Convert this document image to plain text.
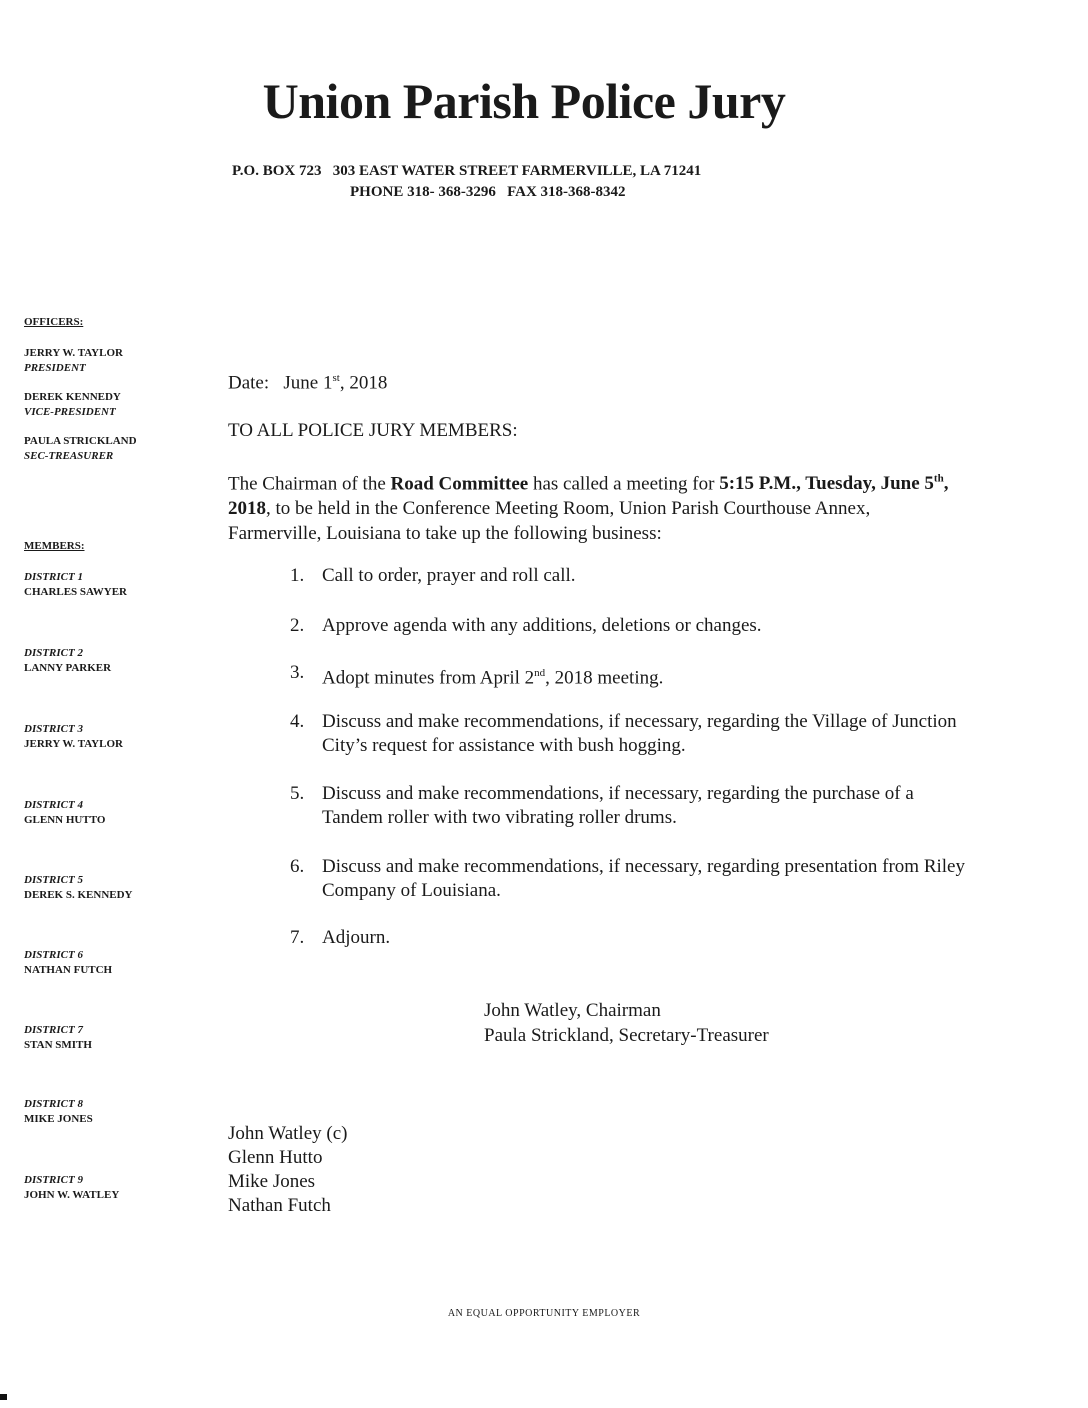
Union Parish Police Jury
P.O. BOX 723   303 EAST WATER STREET FARMERVILLE, LA 71241
PHONE 318- 368-3296   FAX 318-368-8342
OFFICERS:
JERRY W. TAYLOR
PRESIDENT
DEREK KENNEDY
VICE-PRESIDENT
PAULA STRICKLAND
SEC-TREASURER
MEMBERS:
DISTRICT 1
CHARLES SAWYER
DISTRICT 2
LANNY PARKER
DISTRICT 3
JERRY W. TAYLOR
DISTRICT 4
GLENN HUTTO
DISTRICT 5
DEREK S. KENNEDY
DISTRICT 6
NATHAN FUTCH
DISTRICT 7
STAN SMITH
DISTRICT 8
MIKE JONES
DISTRICT 9
JOHN W. WATLEY
Date: June 1st, 2018
TO ALL POLICE JURY MEMBERS:
The Chairman of the Road Committee has called a meeting for 5:15 P.M., Tuesday, June 5th, 2018, to be held in the Conference Meeting Room, Union Parish Courthouse Annex, Farmerville, Louisiana to take up the following business:
1. Call to order, prayer and roll call.
2. Approve agenda with any additions, deletions or changes.
3. Adopt minutes from April 2nd, 2018 meeting.
4. Discuss and make recommendations, if necessary, regarding the Village of Junction City’s request for assistance with bush hogging.
5. Discuss and make recommendations, if necessary, regarding the purchase of a Tandem roller with two vibrating roller drums.
6. Discuss and make recommendations, if necessary, regarding presentation from Riley Company of Louisiana.
7. Adjourn.
John Watley, Chairman
Paula Strickland, Secretary-Treasurer
John Watley (c)
Glenn Hutto
Mike Jones
Nathan Futch
AN EQUAL OPPORTUNITY EMPLOYER
